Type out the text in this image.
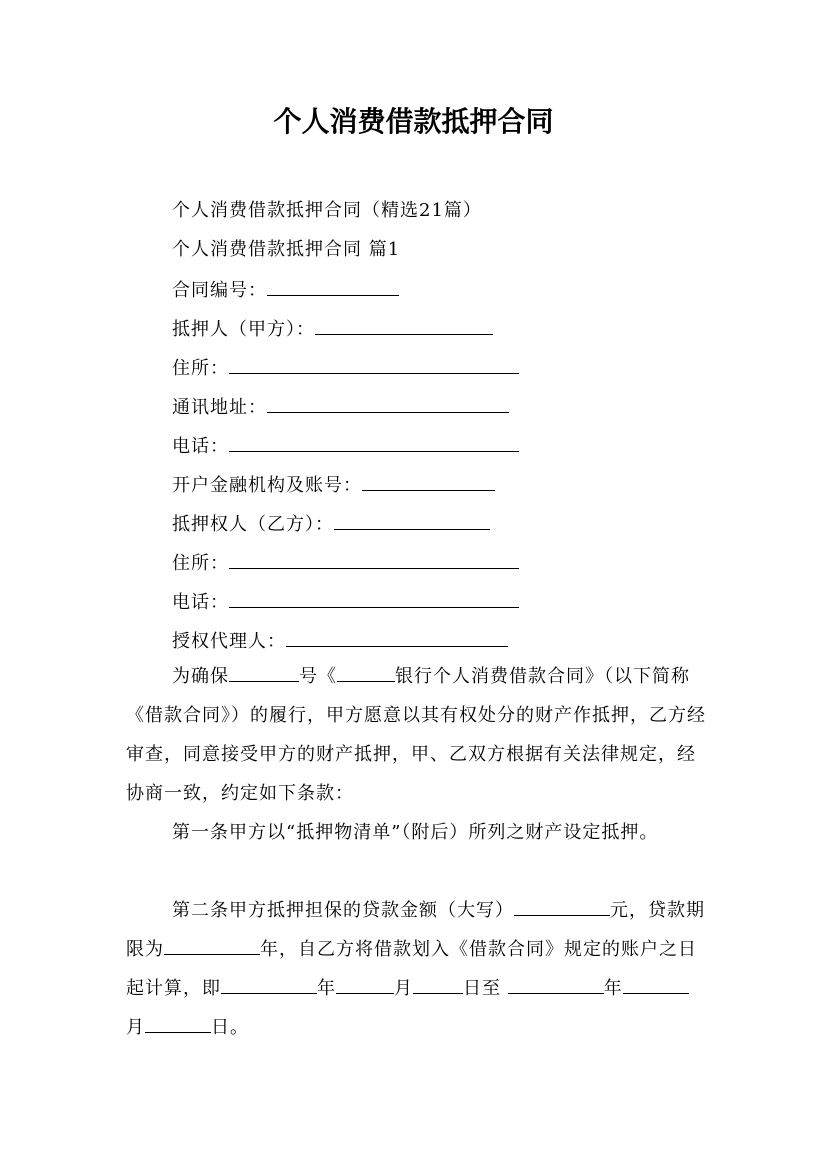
个人消费借款抵押合同
个人消费借款抵押合同（精选21篇）
个人消费借款抵押合同 篇1
合同编号：
抵押人（甲方）：
住所：
通讯地址：
电话：
开户金融机构及账号：
抵押权人（乙方）：
住所：
电话：
授权代理人：
为确保	号《	银行个人消费借款合同》（以下简称《借款合同》）的履行，甲方愿意以其有权处分的财产作抵押，乙方经审查，同意接受甲方的财产抵押，甲、乙双方根据有关法律规定，经协商一致，约定如下条款：
第一条甲方以“抵押物清单”（附后）所列之财产设定抵押。
第二条甲方抵押担保的贷款金额（大写）	元，贷款期限为	年，自乙方将借款划入《借款合同》规定的账户之日起计算，即	年	月	日至	年月	日。
